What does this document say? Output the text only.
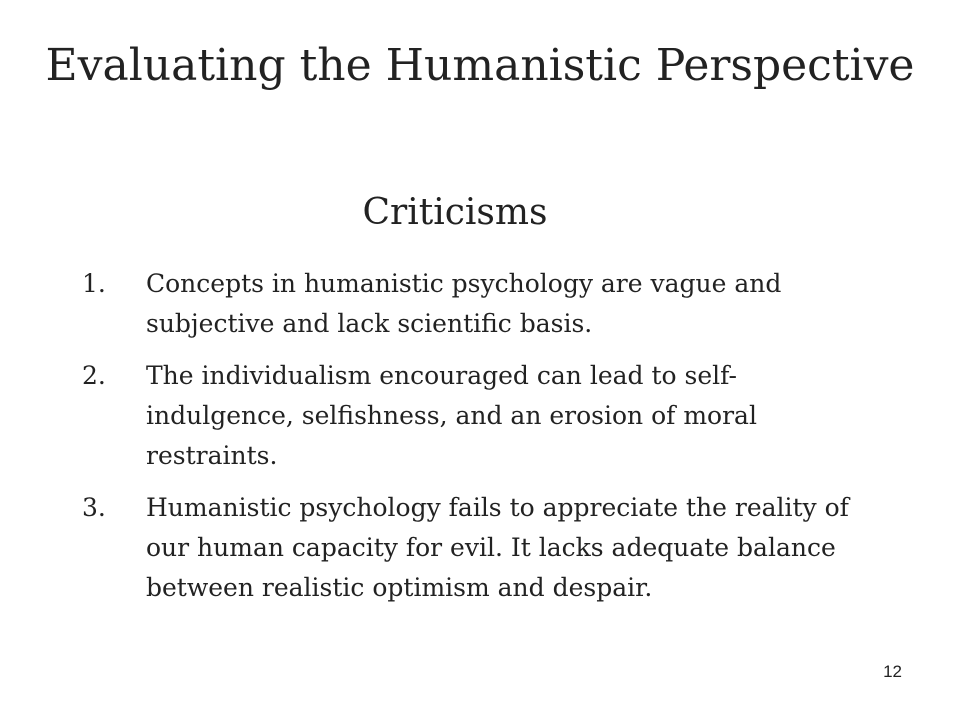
Evaluating the Humanistic Perspective
Criticisms
1.	Concepts in humanistic psychology are vague and subjective and lack scientific basis.
2.	The individualism encouraged can lead to self-indulgence, selfishness, and an erosion of moral restraints.
3.	Humanistic psychology fails to appreciate the reality of our human capacity for evil. It lacks adequate balance between realistic optimism and despair.
12
